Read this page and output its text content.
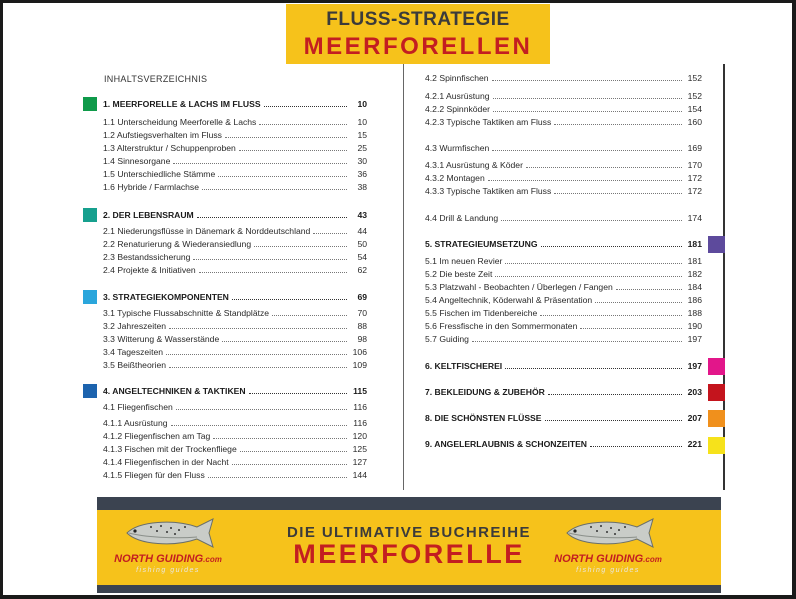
FLUSS-STRATEGIE
MEERFORELLEN
INHALTSVERZEICHNIS
1. MEERFORELLE & LACHS IM FLUSS	10
1.1 Unterscheidung Meerforelle & Lachs	10
1.2 Aufstiegsverhalten im Fluss	15
1.3 Alterstruktur / Schuppenproben	25
1.4 Sinnesorgane	30
1.5 Unterschiedliche Stämme	36
1.6 Hybride / Farmlachse	38
2. DER LEBENSRAUM	43
2.1 Niederungsflüsse in Dänemark & Norddeutschland	44
2.2 Renaturierung & Wiederansiedlung	50
2.3 Bestandssicherung	54
2.4 Projekte & Initiativen	62
3. STRATEGIEKOMPONENTEN	69
3.1 Typische Flussabschnitte & Standplätze	70
3.2 Jahreszeiten	88
3.3 Witterung & Wasserstände	98
3.4 Tageszeiten	106
3.5 Beißtheorien	109
4. ANGELTECHNIKEN & TAKTIKEN	115
4.1 Fliegenfischen	116
4.1.1 Ausrüstung	116
4.1.2 Fliegenfischen am Tag	120
4.1.3 Fischen mit der Trockenfliege	125
4.1.4 Fliegenfischen in der Nacht	127
4.1.5 Fliegen für den Fluss	144
4.2 Spinnfischen	152
4.2.1 Ausrüstung	152
4.2.2 Spinnköder	154
4.2.3 Typische Taktiken am Fluss	160
4.3 Wurmfischen	169
4.3.1 Ausrüstung & Köder	170
4.3.2 Montagen	172
4.3.3 Typische Taktiken am Fluss	172
4.4 Drill & Landung	174
5. STRATEGIEUMSETZUNG	181
5.1 Im neuen Revier	181
5.2 Die beste Zeit	182
5.3 Platzwahl - Beobachten / Überlegen / Fangen	184
5.4 Angeltechnik, Köderwahl & Präsentation	186
5.5 Fischen im Tidenbereiche	188
5.6 Fressfische in den Sommermonaten	190
5.7 Guiding	197
6. KELTFISCHEREI	197
7. BEKLEIDUNG & ZUBEHÖR	203
8. DIE SCHÖNSTEN FLÜSSE	207
9. ANGELERLAUBNIS & SCHONZEITEN	221
NORTH GUIDING.com
fishing guides
DIE ULTIMATIVE BUCHREIHE
MEERFORELLE	NORTH GUIDING.com
fishing guides
